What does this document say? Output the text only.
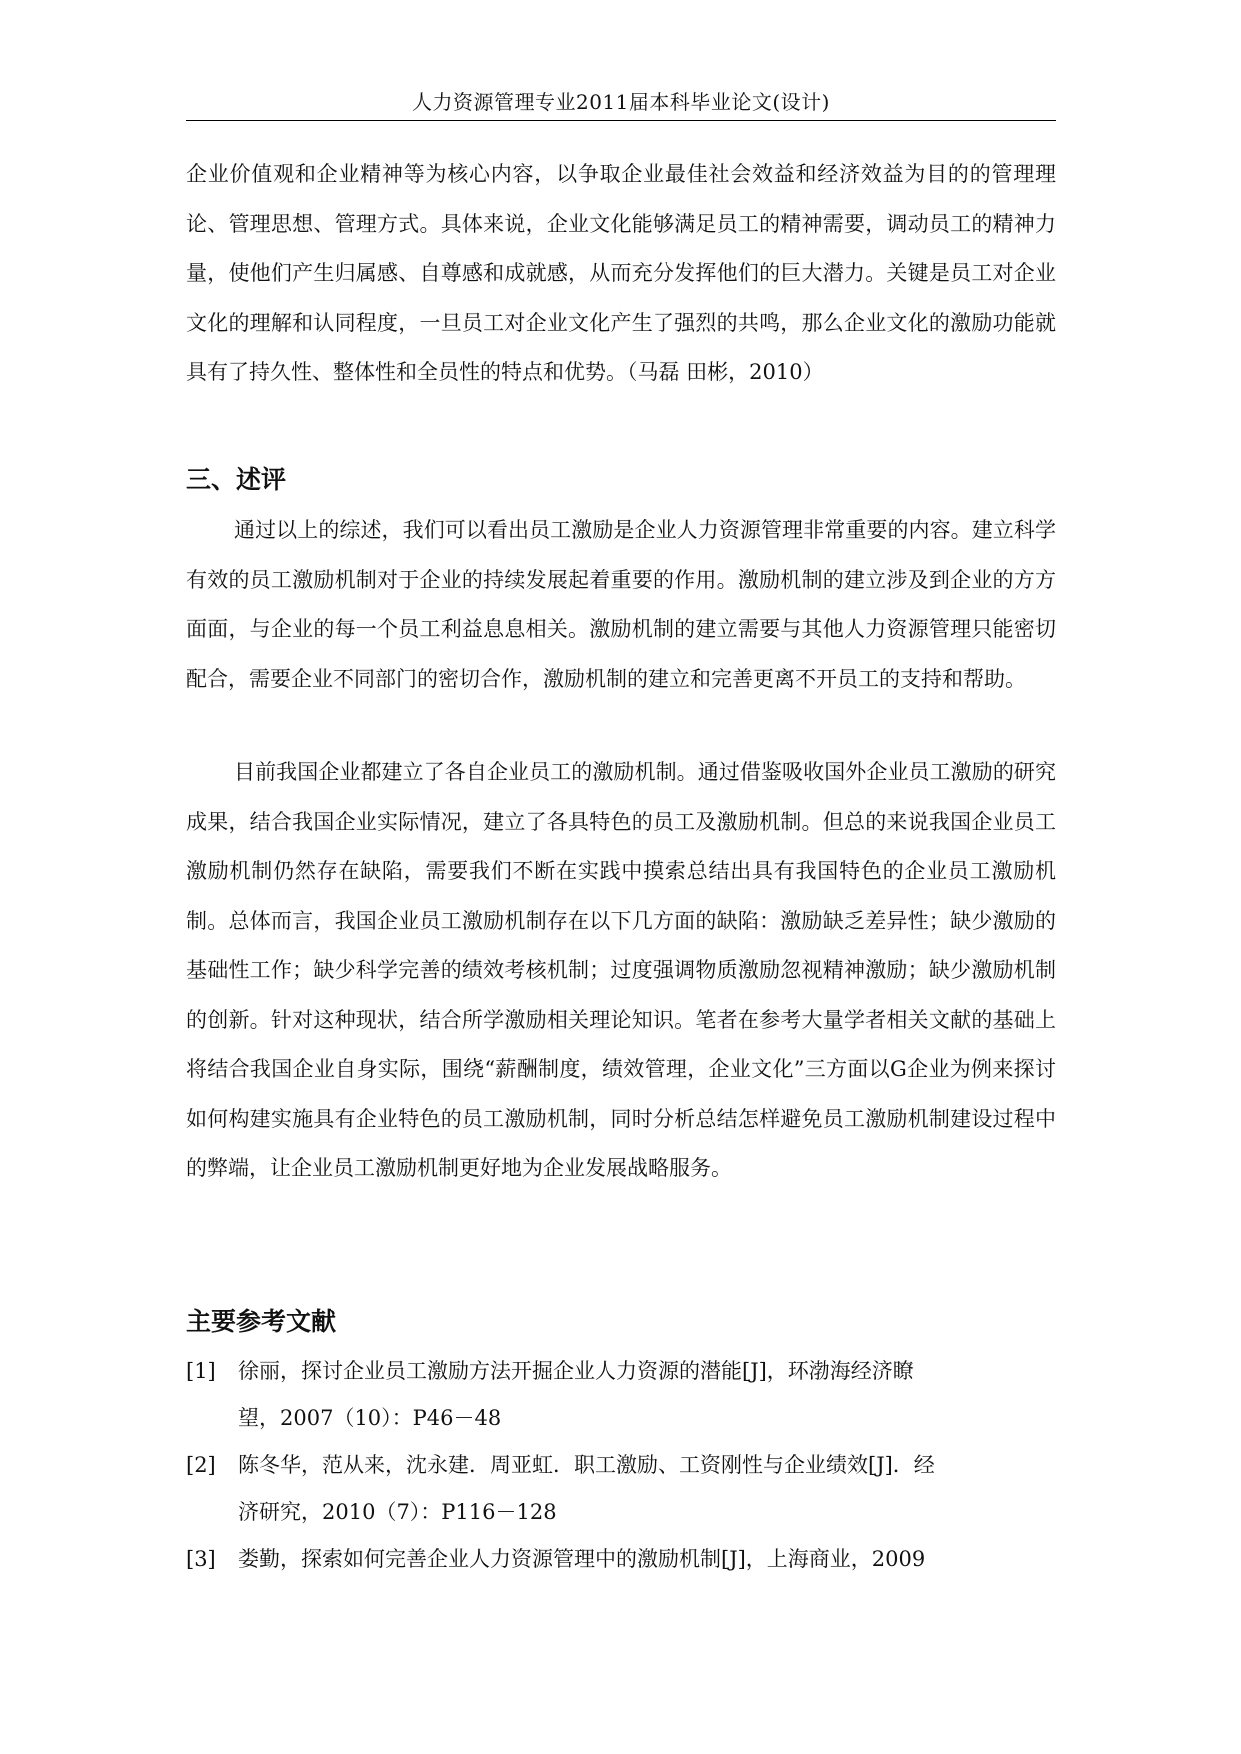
人力资源管理专业2011届本科毕业论文(设计)

企业价值观和企业精神等为核心内容，以争取企业最佳社会效益和经济效益为目的的管理理论、管理思想、管理方式。具体来说，企业文化能够满足员工的精神需要，调动员工的精神力量，使他们产生归属感、自尊感和成就感，从而充分发挥他们的巨大潜力。关键是员工对企业文化的理解和认同程度，一旦员工对企业文化产生了强烈的共鸣，那么企业文化的激励功能就具有了持久性、整体性和全员性的特点和优势。（马磊 田彬，2010）

三、述评

通过以上的综述，我们可以看出员工激励是企业人力资源管理非常重要的内容。建立科学有效的员工激励机制对于企业的持续发展起着重要的作用。激励机制的建立涉及到企业的方方面面，与企业的每一个员工利益息息相关。激励机制的建立需要与其他人力资源管理只能密切配合，需要企业不同部门的密切合作，激励机制的建立和完善更离不开员工的支持和帮助。

目前我国企业都建立了各自企业员工的激励机制。通过借鉴吸收国外企业员工激励的研究成果，结合我国企业实际情况，建立了各具特色的员工及激励机制。但总的来说我国企业员工激励机制仍然存在缺陷，需要我们不断在实践中摸索总结出具有我国特色的企业员工激励机制。总体而言，我国企业员工激励机制存在以下几方面的缺陷：激励缺乏差异性；缺少激励的基础性工作；缺少科学完善的绩效考核机制；过度强调物质激励忽视精神激励；缺少激励机制的创新。针对这种现状，结合所学激励相关理论知识。笔者在参考大量学者相关文献的基础上将结合我国企业自身实际，围绕“薪酬制度，绩效管理，企业文化”三方面以G企业为例来探讨如何构建实施具有企业特色的员工激励机制，同时分析总结怎样避免员工激励机制建设过程中的弊端，让企业员工激励机制更好地为企业发展战略服务。

主要参考文献
[1] 徐丽，探讨企业员工激励方法开掘企业人力资源的潜能[J]，环渤海经济瞭
望，2007（10）：P46－48
[2] 陈冬华，范从来，沈永建．周亚虹．职工激励、工资刚性与企业绩效[J]．经
济研究，2010（7）：P116－128
[3] 娄勤，探索如何完善企业人力资源管理中的激励机制[J]，上海商业，2009
